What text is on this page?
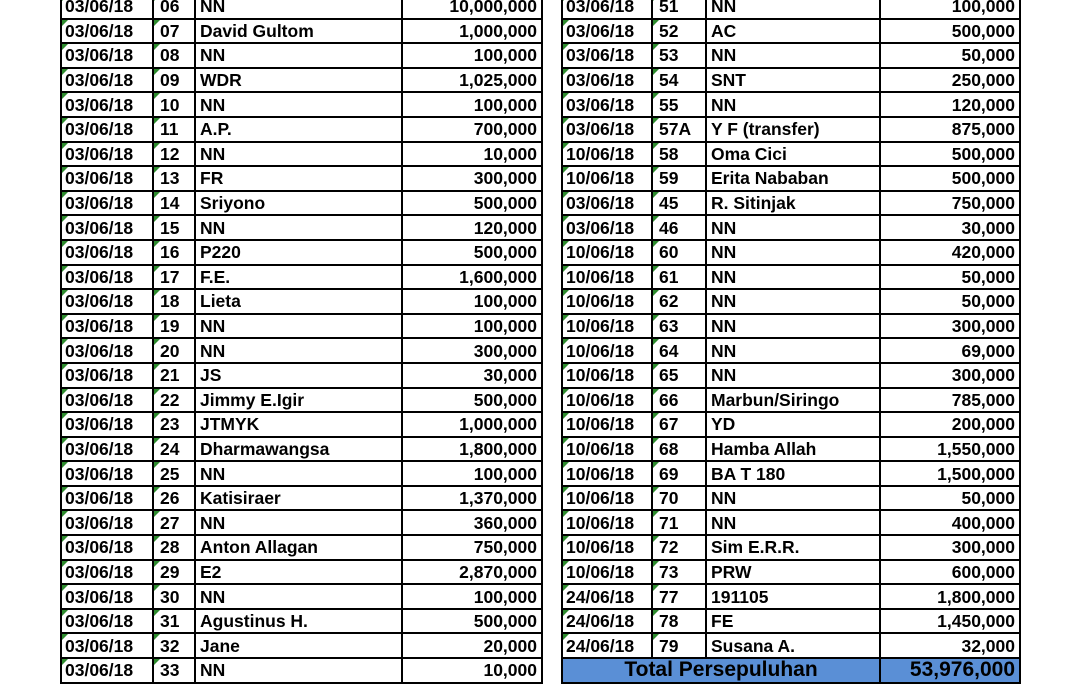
03/06/18	06	NN	10,000,000
03/06/18	07	David Gultom	1,000,000
03/06/18	08	NN	100,000
03/06/18	09	WDR	1,025,000
03/06/18	10	NN	100,000
03/06/18	11	A.P.	700,000
03/06/18	12	NN	10,000
03/06/18	13	FR	300,000
03/06/18	14	Sriyono	500,000
03/06/18	15	NN	120,000
03/06/18	16	P220	500,000
03/06/18	17	F.E.	1,600,000
03/06/18	18	Lieta	100,000
03/06/18	19	NN	100,000
03/06/18	20	NN	300,000
03/06/18	21	JS	30,000
03/06/18	22	Jimmy E.Igir	500,000
03/06/18	23	JTMYK	1,000,000
03/06/18	24	Dharmawangsa	1,800,000
03/06/18	25	NN	100,000
03/06/18	26	Katisiraer	1,370,000
03/06/18	27	NN	360,000
03/06/18	28	Anton Allagan	750,000
03/06/18	29	E2	2,870,000
03/06/18	30	NN	100,000
03/06/18	31	Agustinus H.	500,000
03/06/18	32	Jane	20,000
03/06/18	33	NN	10,000
03/06/18	51	NN	100,000
03/06/18	52	AC	500,000
03/06/18	53	NN	50,000
03/06/18	54	SNT	250,000
03/06/18	55	NN	120,000
03/06/18	57A	Y F (transfer)	875,000
10/06/18	58	Oma Cici	500,000
10/06/18	59	Erita Nababan	500,000
03/06/18	45	R. Sitinjak	750,000
03/06/18	46	NN	30,000
10/06/18	60	NN	420,000
10/06/18	61	NN	50,000
10/06/18	62	NN	50,000
10/06/18	63	NN	300,000
10/06/18	64	NN	69,000
10/06/18	65	NN	300,000
10/06/18	66	Marbun/Siringo	785,000
10/06/18	67	YD	200,000
10/06/18	68	Hamba Allah	1,550,000
10/06/18	69	BA T 180	1,500,000
10/06/18	70	NN	50,000
10/06/18	71	NN	400,000
10/06/18	72	Sim E.R.R.	300,000
10/06/18	73	PRW	600,000
24/06/18	77	191105	1,800,000
24/06/18	78	FE	1,450,000
24/06/18	79	Susana A.	32,000
Total Persepuluhan			53,976,000
